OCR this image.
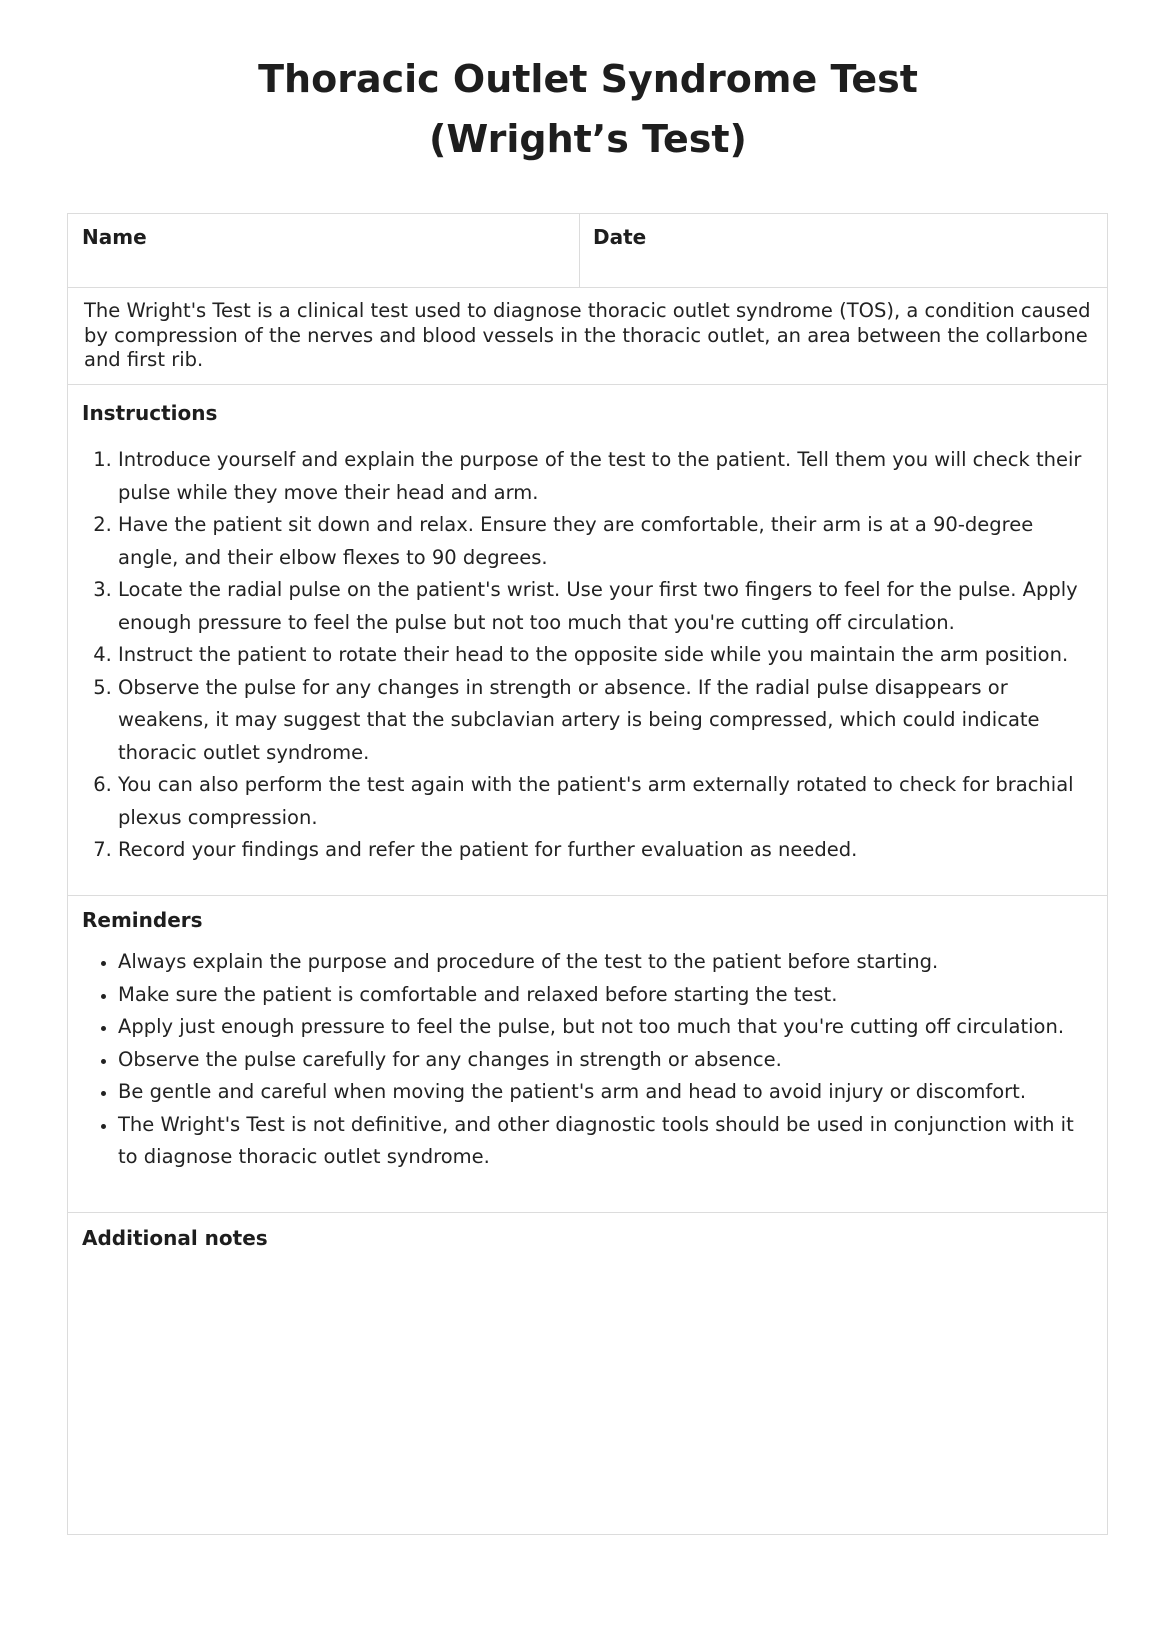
Thoracic Outlet Syndrome Test
(Wright’s Test)
Name	Date

The Wright's Test is a clinical test used to diagnose thoracic outlet syndrome (TOS), a condition caused by compression of the nerves and blood vessels in the thoracic outlet, an area between the collarbone and first rib.

Instructions
1. Introduce yourself and explain the purpose of the test to the patient. Tell them you will check their pulse while they move their head and arm.
2. Have the patient sit down and relax. Ensure they are comfortable, their arm is at a 90-degree angle, and their elbow flexes to 90 degrees.
3. Locate the radial pulse on the patient's wrist. Use your first two fingers to feel for the pulse. Apply enough pressure to feel the pulse but not too much that you're cutting off circulation.
4. Instruct the patient to rotate their head to the opposite side while you maintain the arm position.
5. Observe the pulse for any changes in strength or absence. If the radial pulse disappears or weakens, it may suggest that the subclavian artery is being compressed, which could indicate thoracic outlet syndrome.
6. You can also perform the test again with the patient's arm externally rotated to check for brachial plexus compression.
7. Record your findings and refer the patient for further evaluation as needed.
Reminders
• Always explain the purpose and procedure of the test to the patient before starting.
• Make sure the patient is comfortable and relaxed before starting the test.
• Apply just enough pressure to feel the pulse, but not too much that you're cutting off circulation.
• Observe the pulse carefully for any changes in strength or absence.
• Be gentle and careful when moving the patient's arm and head to avoid injury or discomfort.
• The Wright's Test is not definitive, and other diagnostic tools should be used in conjunction with it to diagnose thoracic outlet syndrome.
Additional notes
